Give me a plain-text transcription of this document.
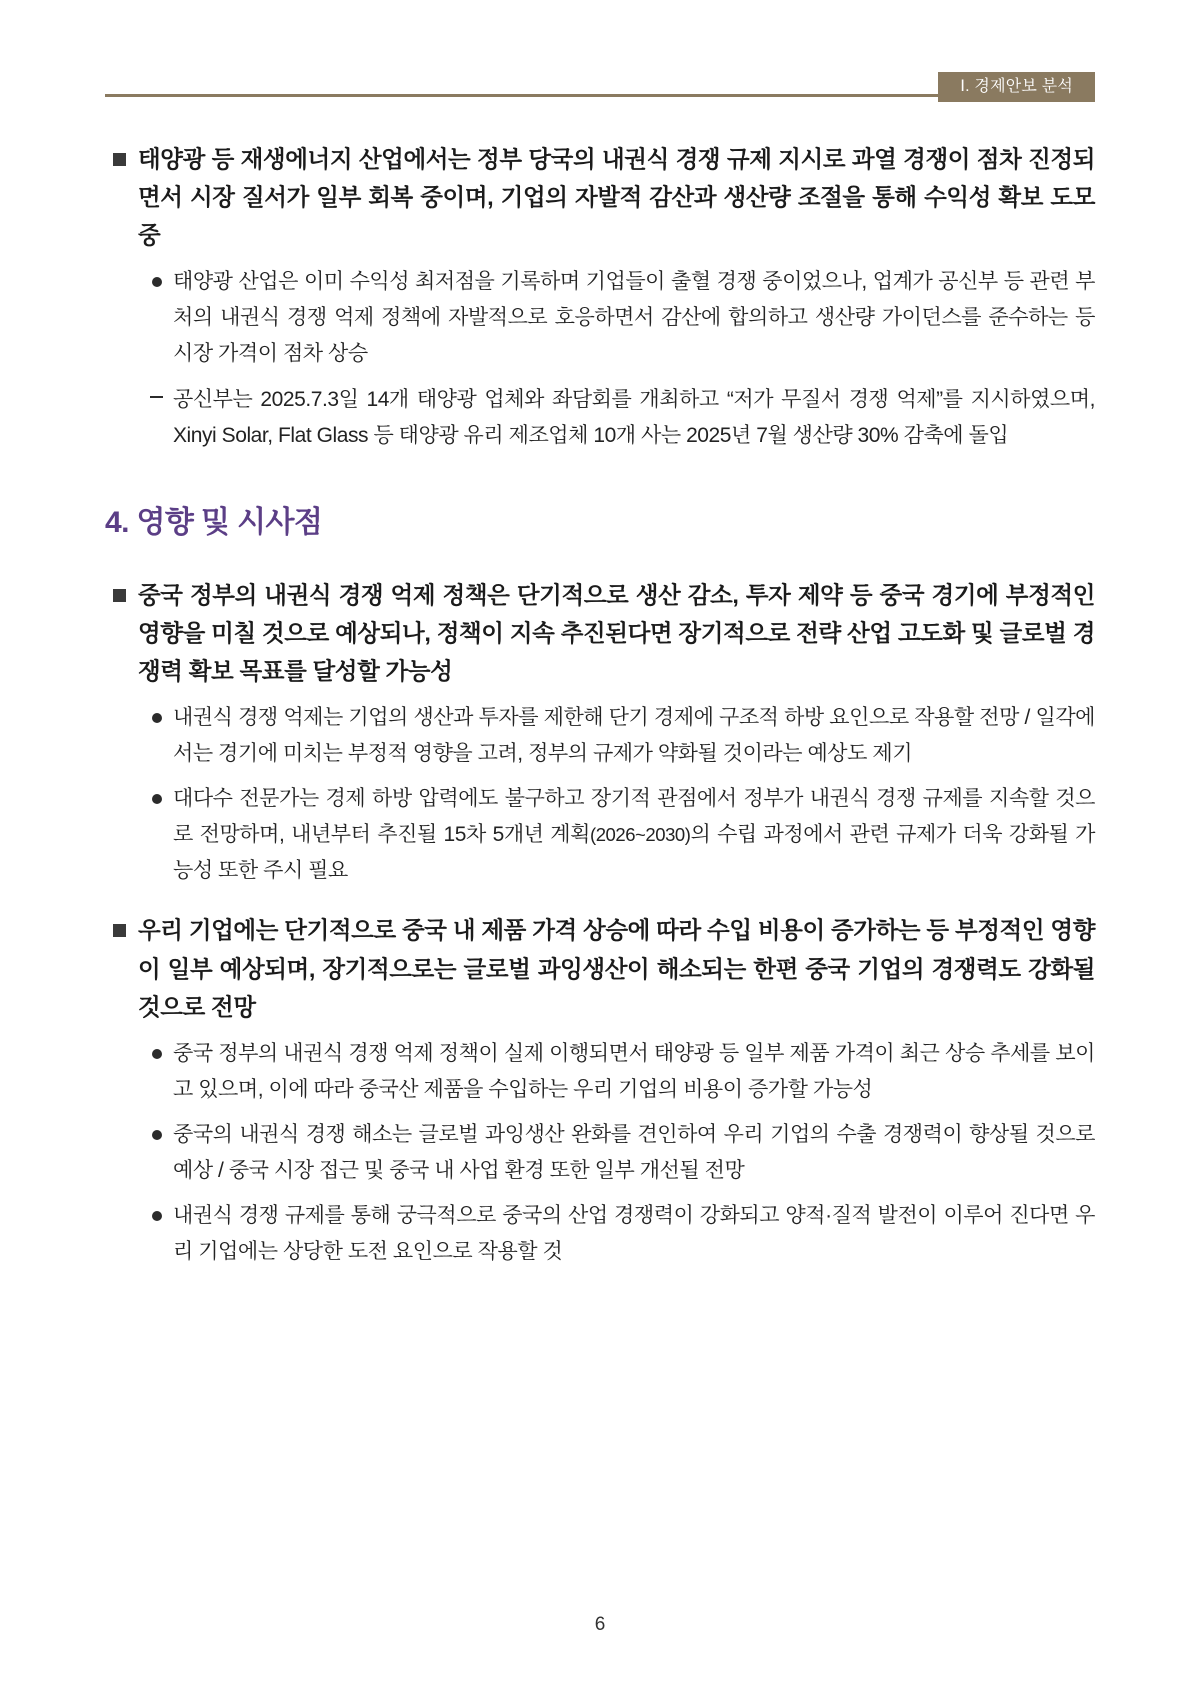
Ⅰ. 경제안보 분석
태양광 등 재생에너지 산업에서는 정부 당국의 내권식 경쟁 규제 지시로 과열 경쟁이 점차 진정되면서 시장 질서가 일부 회복 중이며, 기업의 자발적 감산과 생산량 조절을 통해 수익성 확보 도모 중
태양광 산업은 이미 수익성 최저점을 기록하며 기업들이 출혈 경쟁 중이었으나, 업계가 공신부 등 관련 부처의 내권식 경쟁 억제 정책에 자발적으로 호응하면서 감산에 합의하고 생산량 가이던스를 준수하는 등 시장 가격이 점차 상승
공신부는 2025.7.3일 14개 태양광 업체와 좌담회를 개최하고 “저가 무질서 경쟁 억제”를 지시하였으며, Xinyi Solar, Flat Glass 등 태양광 유리 제조업체 10개 사는 2025년 7월 생산량 30% 감축에 돌입
4. 영향 및 시사점
중국 정부의 내권식 경쟁 억제 정책은 단기적으로 생산 감소, 투자 제약 등 중국 경기에 부정적인 영향을 미칠 것으로 예상되나, 정책이 지속 추진된다면 장기적으로 전략 산업 고도화 및 글로벌 경쟁력 확보 목표를 달성할 가능성
내권식 경쟁 억제는 기업의 생산과 투자를 제한해 단기 경제에 구조적 하방 요인으로 작용할 전망 / 일각에서는 경기에 미치는 부정적 영향을 고려, 정부의 규제가 약화될 것이라는 예상도 제기
대다수 전문가는 경제 하방 압력에도 불구하고 장기적 관점에서 정부가 내권식 경쟁 규제를 지속할 것으로 전망하며, 내년부터 추진될 15차 5개년 계획(2026~2030)의 수립 과정에서 관련 규제가 더욱 강화될 가능성 또한 주시 필요
우리 기업에는 단기적으로 중국 내 제품 가격 상승에 따라 수입 비용이 증가하는 등 부정적인 영향이 일부 예상되며, 장기적으로는 글로벌 과잉생산이 해소되는 한편 중국 기업의 경쟁력도 강화될 것으로 전망
중국 정부의 내권식 경쟁 억제 정책이 실제 이행되면서 태양광 등 일부 제품 가격이 최근 상승 추세를 보이고 있으며, 이에 따라 중국산 제품을 수입하는 우리 기업의 비용이 증가할 가능성
중국의 내권식 경쟁 해소는 글로벌 과잉생산 완화를 견인하여 우리 기업의 수출 경쟁력이 향상될 것으로 예상 / 중국 시장 접근 및 중국 내 사업 환경 또한 일부 개선될 전망
내권식 경쟁 규제를 통해 궁극적으로 중국의 산업 경쟁력이 강화되고 양적·질적 발전이 이루어 진다면 우리 기업에는 상당한 도전 요인으로 작용할 것
6
